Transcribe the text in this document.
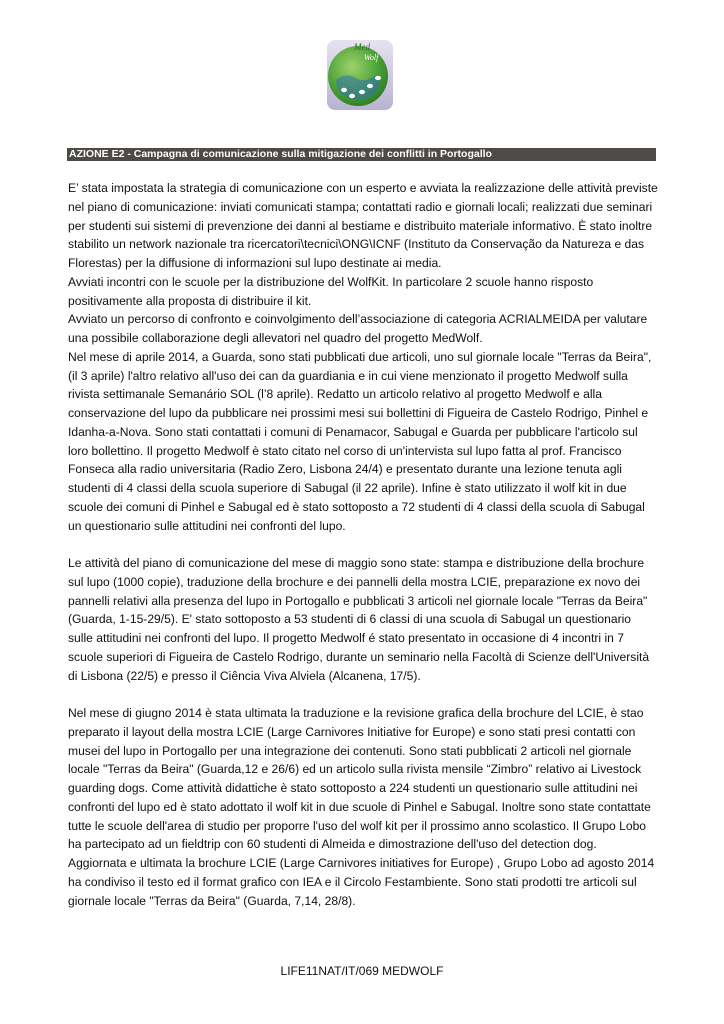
Med
Wolf
AZIONE E2 - Campagna di comunicazione sulla mitigazione dei conflitti in Portogallo

E’ stata impostata la strategia di comunicazione con un esperto e avviata la realizzazione delle attività previste nel piano di comunicazione: inviati comunicati stampa; contattati radio e giornali locali; realizzati due seminari per studenti sui sistemi di prevenzione dei danni al bestiame e distribuito materiale informativo. È stato inoltre stabilito un network nazionale tra ricercatori\tecnici\ONG\ICNF (Instituto da Conservação da Natureza e das Florestas) per la diffusione di informazioni sul lupo destinate ai media.

Avviati incontri con le scuole per la distribuzione del WolfKit. In particolare 2 scuole hanno risposto positivamente alla proposta di distribuire il kit.

Avviato un percorso di confronto e coinvolgimento dell’associazione di categoria ACRIALMEIDA per valutare una possibile collaborazione degli allevatori nel quadro del progetto MedWolf.

Nel mese di aprile 2014, a Guarda, sono stati pubblicati due articoli, uno sul giornale locale "Terras da Beira", (il 3 aprile) l'altro relativo all'uso dei can da guardiania e in cui viene menzionato il progetto Medwolf sulla rivista settimanale Semanário SOL (l’8 aprile). Redatto un articolo relativo al progetto Medwolf e alla conservazione del lupo da pubblicare nei prossimi mesi sui bollettini di Figueira de Castelo Rodrigo, Pinhel e Idanha-a-Nova. Sono stati contattati i comuni di Penamacor, Sabugal e Guarda per pubblicare l'articolo sul loro bollettino. Il progetto Medwolf è stato citato nel corso di un'intervista sul lupo fatta al prof. Francisco Fonseca alla radio universitaria (Radio Zero, Lisbona 24/4) e presentato durante una lezione tenuta agli studenti di 4 classi della scuola superiore di Sabugal (il 22 aprile). Infine è stato utilizzato il wolf kit in due scuole dei comuni di Pinhel e Sabugal ed è stato sottoposto a 72 studenti di 4 classi della scuola di Sabugal un questionario sulle attitudini nei confronti del lupo.

Le attività del piano di comunicazione del mese di maggio sono state: stampa e distribuzione della brochure sul lupo (1000 copie), traduzione della brochure e dei pannelli della mostra LCIE, preparazione ex novo dei pannelli relativi alla presenza del lupo in Portogallo e pubblicati 3 articoli nel giornale locale "Terras da Beira" (Guarda, 1-15-29/5). E' stato sottoposto a 53 studenti di 6 classi di una scuola di Sabugal un questionario sulle attitudini nei confronti del lupo. Il progetto Medwolf é stato presentato in occasione di 4 incontri in 7 scuole superiori di Figueira de Castelo Rodrigo, durante un seminario nella Facoltà di Scienze dell'Università di Lisbona (22/5) e presso il Ciência Viva Alviela (Alcanena, 17/5).

Nel mese di giugno 2014 è stata ultimata la traduzione e la revisione grafica della brochure del LCIE, è stao preparato il layout della mostra LCIE (Large Carnivores Initiative for Europe) e sono stati presi contatti con musei del lupo in Portogallo per una integrazione dei contenuti. Sono stati pubblicati 2 articoli nel giornale locale "Terras da Beira" (Guarda,12 e 26/6) ed un articolo sulla rivista mensile “Zimbro” relativo ai Livestock guarding dogs. Come attività didattiche è stato sottoposto a 224 studenti un questionario sulle attitudini nei confronti del lupo ed è stato adottato il wolf kit in due scuole di Pinhel e Sabugal. Inoltre sono state contattate tutte le scuole dell'area di studio per proporre l'uso del wolf kit per il prossimo anno scolastico. Il Grupo Lobo ha partecipato ad un fieldtrip con 60 studenti di Almeida e dimostrazione dell'uso del detection dog.

Aggiornata e ultimata la brochure LCIE (Large Carnivores initiatives for Europe) , Grupo Lobo ad agosto 2014 ha condiviso il testo ed il format grafico con IEA e il Circolo Festambiente. Sono stati prodotti tre articoli sul giornale locale "Terras da Beira" (Guarda, 7,14, 28/8).

LIFE11NAT/IT/069 MEDWOLF
